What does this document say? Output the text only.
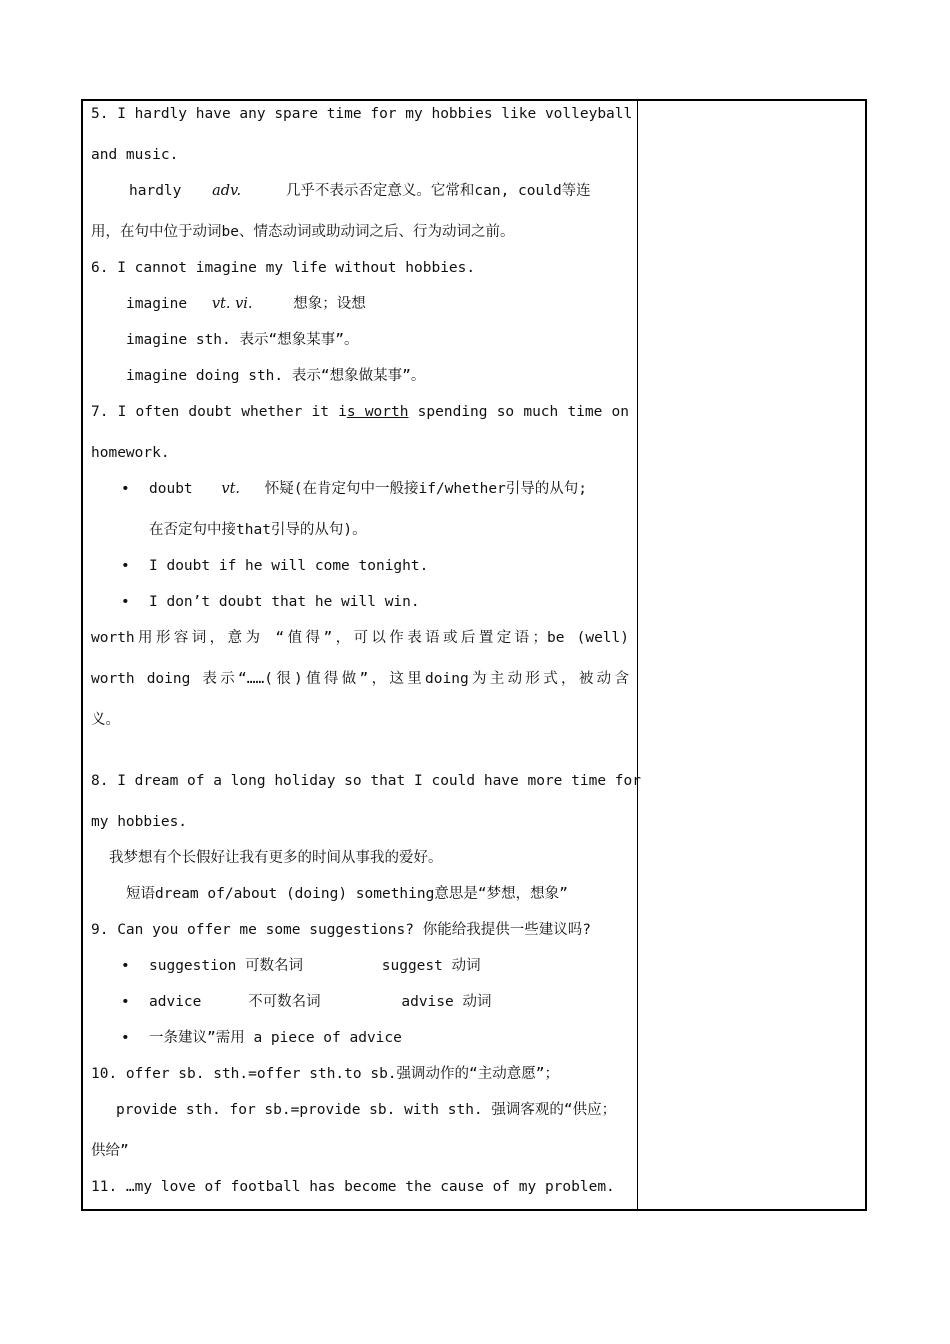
5. I hardly have any spare time for my hobbies like volleyball
and music.
hardly adv.	几乎不表示否定意义。它常和can, could等连
用，在句中位于动词be、情态动词或助动词之后、行为动词之前。
6. I cannot imagine my life without hobbies.
imagine vt. vi.	想象；设想
imagine sth. 表示“想象某事”。
imagine doing sth. 表示“想象做某事”。
7. I often doubt whether it is worth spending so much time on
homework.
• doubt vt. 怀疑(在肯定句中一般接if/whether引导的从句;
在否定句中接that引导的从句)。
• I doubt if he will come tonight.
• I don’t doubt that he will win.
worth用形容词，意为 “值得”，可以作表语或后置定语；be (well)
worth doing 表示“……(很)值得做”，这里doing为主动形式，被动含
义。
8. I dream of a long holiday so that I could have more time for
my hobbies.
我梦想有个长假好让我有更多的时间从事我的爱好。
短语dream of/about (doing) something意思是“梦想，想象”
9. Can you offer me some suggestions? 你能给我提供一些建议吗?
• suggestion 可数名词	suggest 动词
• advice	不可数名词	advise 动词
• 一条建议”需用 a piece of advice
10. offer sb. sth.=offer sth.to sb.强调动作的“主动意愿”；
provide sth. for sb.=provide sb. with sth. 强调客观的“供应；
供给”
11. …my love of football has become the cause of my problem.
